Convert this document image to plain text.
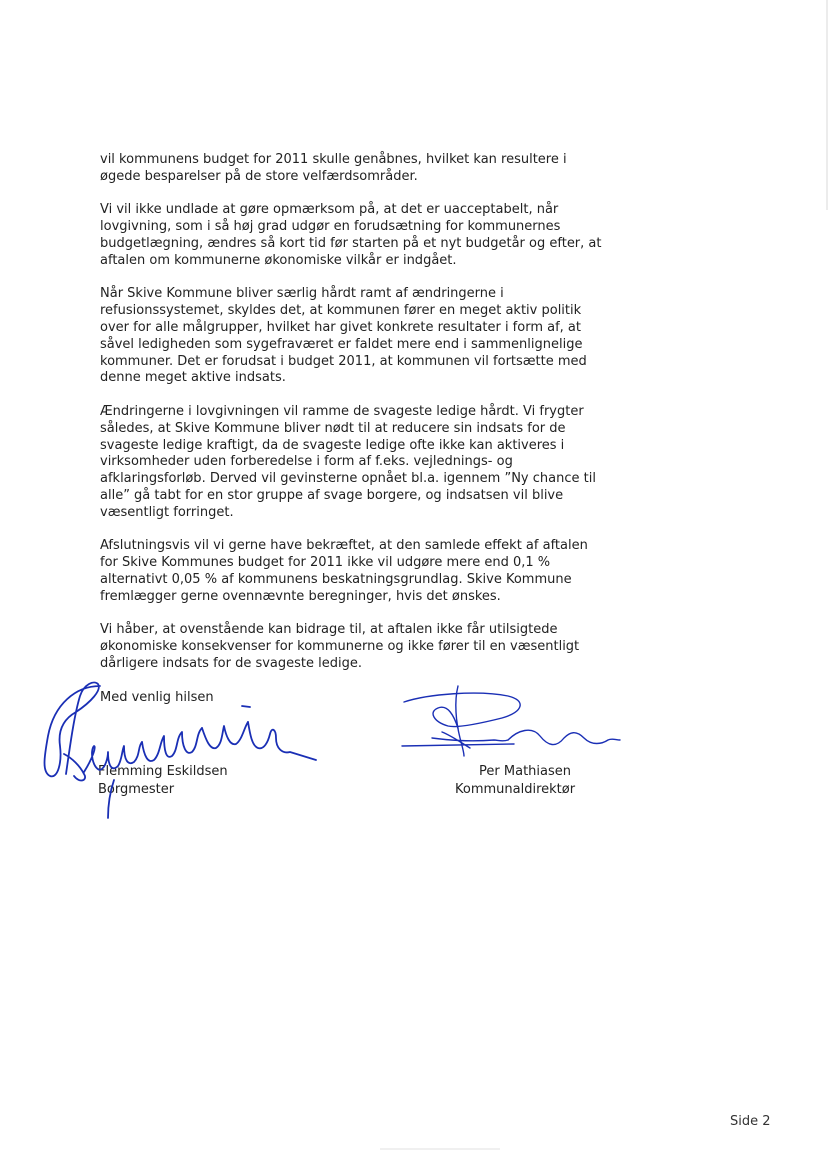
vil kommunens budget for 2011 skulle genåbnes, hvilket kan resultere i
øgede besparelser på de store velfærdsområder.

Vi vil ikke undlade at gøre opmærksom på, at det er uacceptabelt, når
lovgivning, som i så høj grad udgør en forudsætning for kommunernes
budgetlægning, ændres så kort tid før starten på et nyt budgetår og efter, at
aftalen om kommunerne økonomiske vilkår er indgået.

Når Skive Kommune bliver særlig hårdt ramt af ændringerne i
refusionssystemet, skyldes det, at kommunen fører en meget aktiv politik
over for alle målgrupper, hvilket har givet konkrete resultater i form af, at
såvel ledigheden som sygefraværet er faldet mere end i sammenlignelige
kommuner. Det er forudsat i budget 2011, at kommunen vil fortsætte med
denne meget aktive indsats.

Ændringerne i lovgivningen vil ramme de svageste ledige hårdt. Vi frygter
således, at Skive Kommune bliver nødt til at reducere sin indsats for de
svageste ledige kraftigt, da de svageste ledige ofte ikke kan aktiveres i
virksomheder uden forberedelse i form af f.eks. vejlednings- og
afklaringsforløb. Derved vil gevinsterne opnået bl.a. igennem ”Ny chance til
alle” gå tabt for en stor gruppe af svage borgere, og indsatsen vil blive
væsentligt forringet.

Afslutningsvis vil vi gerne have bekræftet, at den samlede effekt af aftalen
for Skive Kommunes budget for 2011 ikke vil udgøre mere end 0,1 %
alternativt 0,05 % af kommunens beskatningsgrundlag. Skive Kommune
fremlægger gerne ovennævnte beregninger, hvis det ønskes.

Vi håber, at ovenstående kan bidrage til, at aftalen ikke får utilsigtede
økonomiske konsekvenser for kommunerne og ikke fører til en væsentligt
dårligere indsats for de svageste ledige.

Med venlig hilsen
Flemming Eskildsen
Borgmester
Per Mathiasen
Kommunaldirektør
Side 2
